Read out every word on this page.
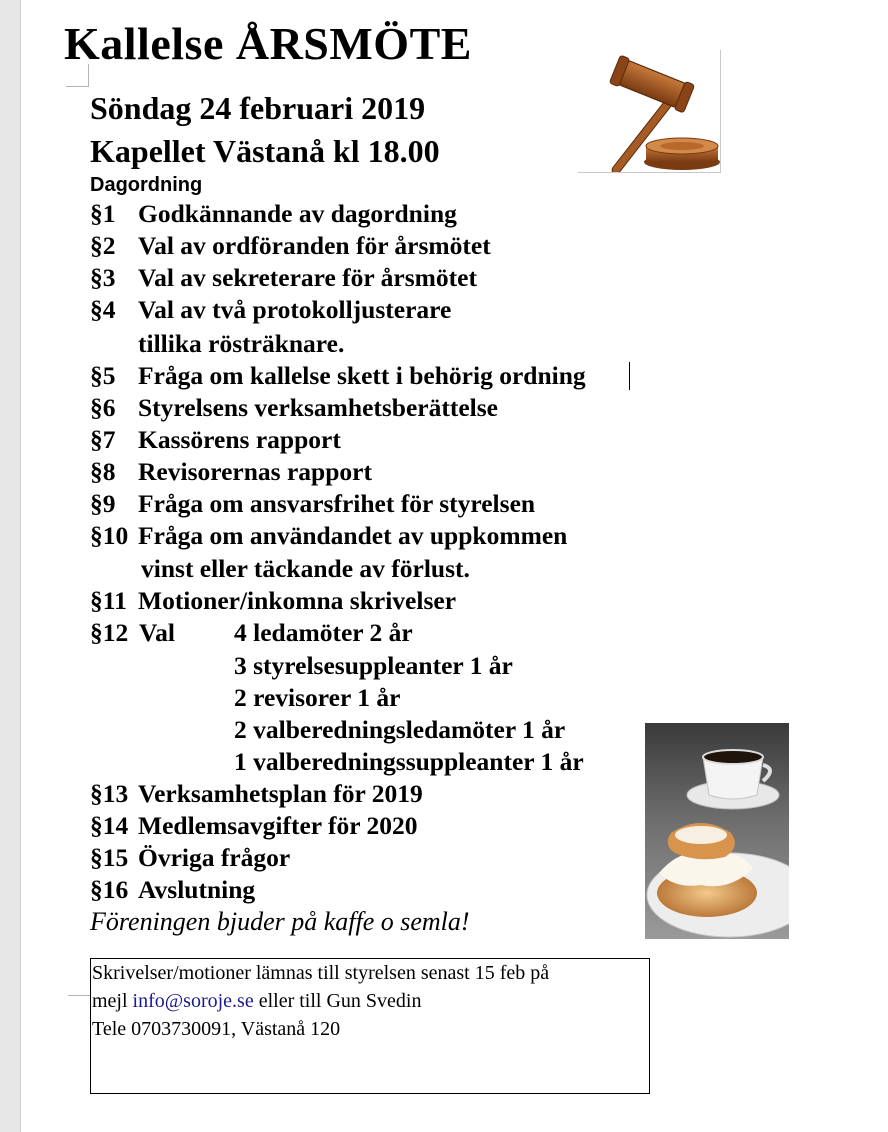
Kallelse ÅRSMÖTE
Söndag 24 februari 2019
Kapellet Västanå kl 18.00
Dagordning
§1 Godkännande av dagordning
§2 Val av ordföranden för årsmötet
§3 Val av sekreterare för årsmötet
§4 Val av två protokolljusterare
tillika rösträknare.
§5 Fråga om kallelse skett i behörig ordning
§6 Styrelsens verksamhetsberättelse
§7 Kassörens rapport
§8 Revisorernas rapport
§9 Fråga om ansvarsfrihet för styrelsen
§10 Fråga om användandet av uppkommen
vinst eller täckande av förlust.
§11 Motioner/inkomna skrivelser
§12 Val 4 ledamöter 2 år
3 styrelsesuppleanter 1 år
2 revisorer 1 år
2 valberedningsledamöter 1 år
1 valberedningssuppleanter 1 år
§13 Verksamhetsplan för 2019
§14 Medlemsavgifter för 2020
§15 Övriga frågor
§16 Avslutning
Föreningen bjuder på kaffe o semla!
Skrivelser/motioner lämnas till styrelsen senast 15 feb på
mejl info@soroje.se eller till Gun Svedin
Tele 0703730091, Västanå 120
